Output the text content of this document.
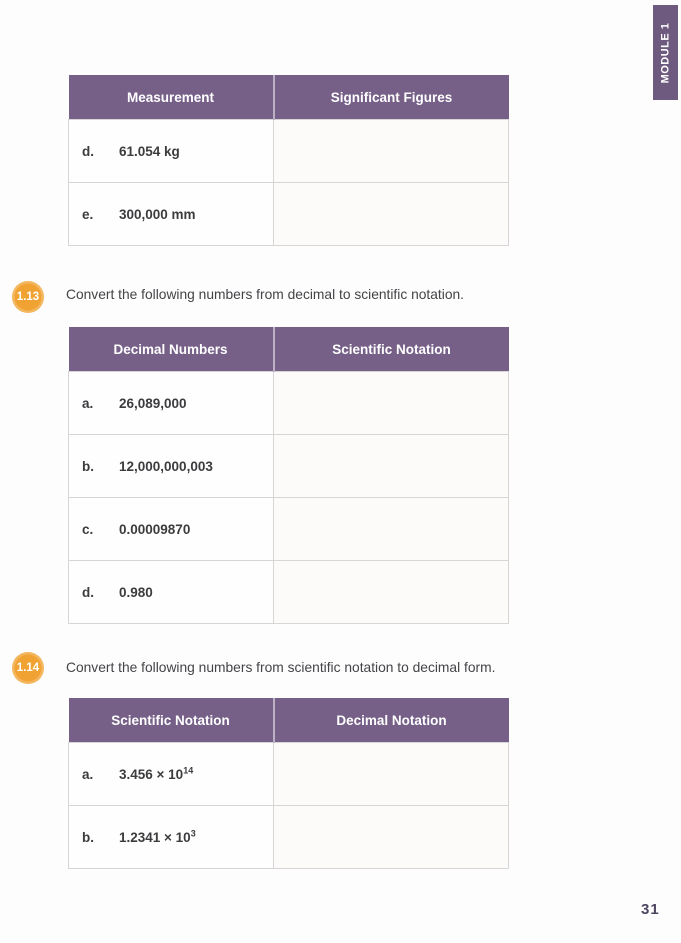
MODULE 1
Measurement	Significant Figures

d. 61.054 kg	

e. 300,000 mm	

1.13 Convert the following numbers from decimal to scientific notation.
Decimal Numbers	Scientific Notation

a. 26,089,000	

b. 12,000,000,003	

c. 0.00009870	

d. 0.980	

1.14 Convert the following numbers from scientific notation to decimal form.
Scientific Notation	Decimal Notation

a. $3.456 \times 10^{14}$

b. $1.2341 \times 10^3$

31
